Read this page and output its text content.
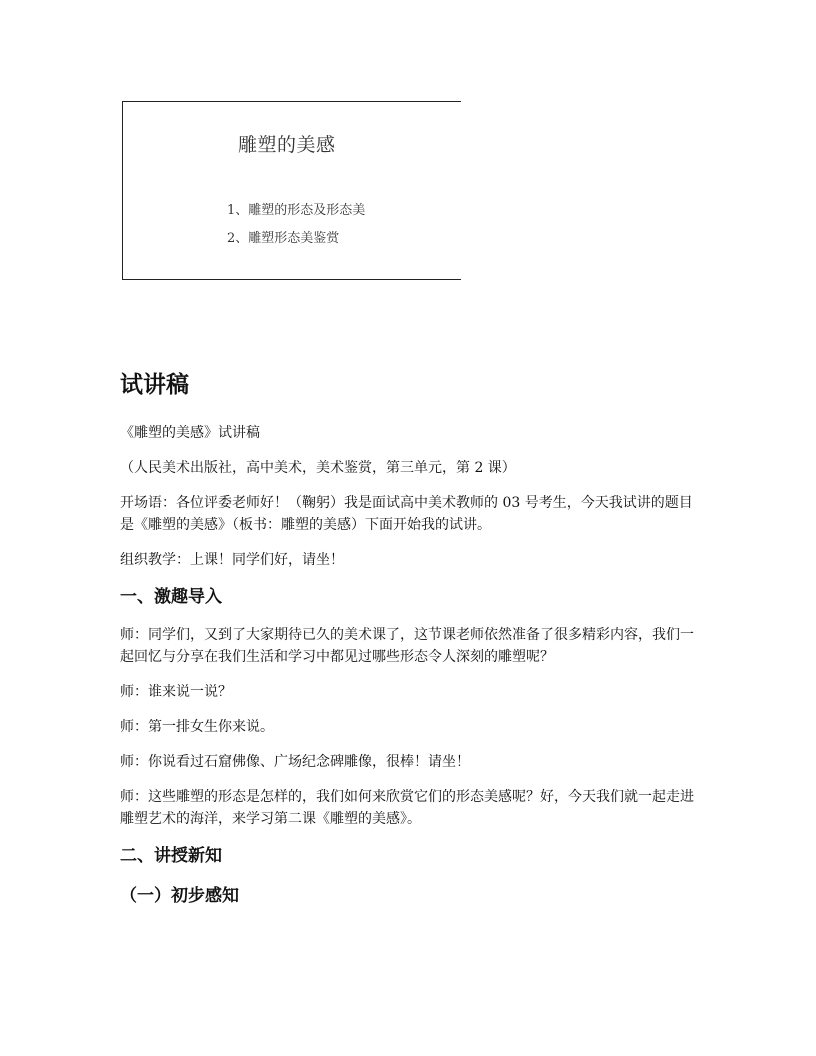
雕塑的美感
1、雕塑的形态及形态美
2、雕塑形态美鉴赏
试讲稿

《雕塑的美感》试讲稿

（人民美术出版社，高中美术，美术鉴赏，第三单元，第 2 课）

开场语：各位评委老师好！（鞠躬）我是面试高中美术教师的 03 号考生，今天我试讲的题目是《雕塑的美感》（板书：雕塑的美感）下面开始我的试讲。

组织教学：上课！同学们好，请坐！

一、激趣导入

师：同学们，又到了大家期待已久的美术课了，这节课老师依然准备了很多精彩内容，我们一起回忆与分享在我们生活和学习中都见过哪些形态令人深刻的雕塑呢？

师：谁来说一说？

师：第一排女生你来说。

师：你说看过石窟佛像、广场纪念碑雕像，很棒！请坐！

师：这些雕塑的形态是怎样的，我们如何来欣赏它们的形态美感呢？好，今天我们就一起走进雕塑艺术的海洋，来学习第二课《雕塑的美感》。

二、讲授新知
（一）初步感知
